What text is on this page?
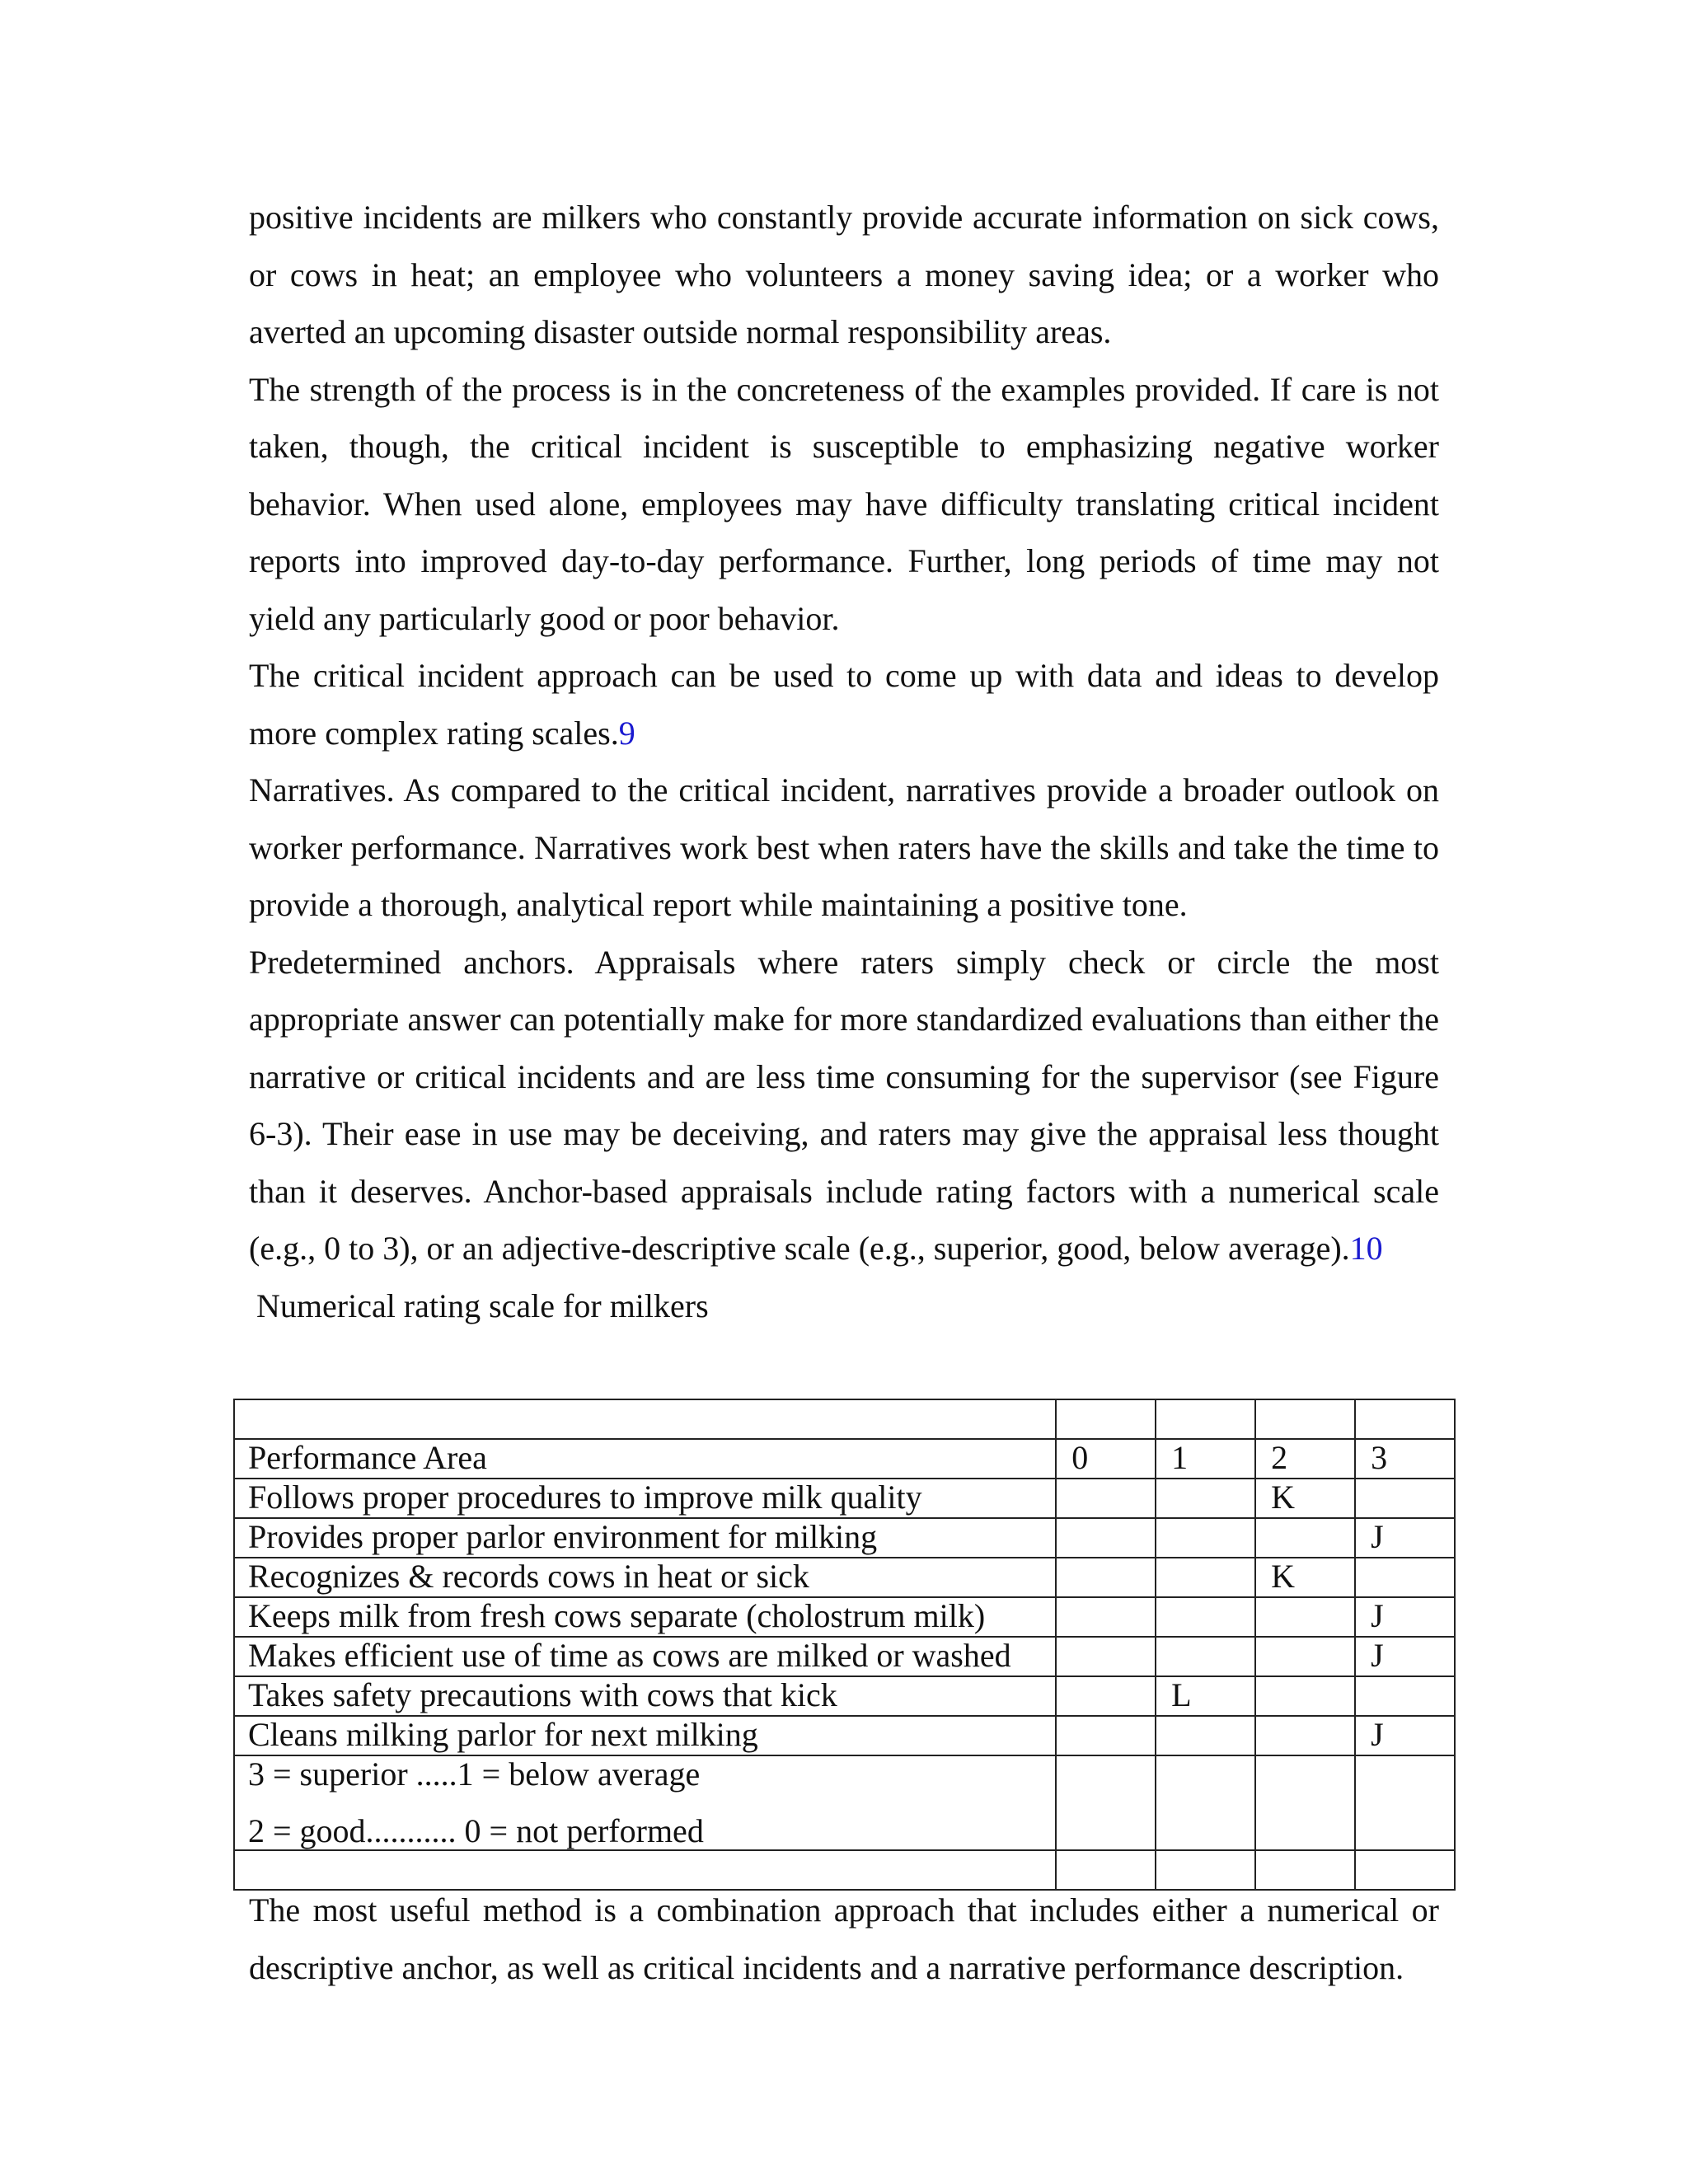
positive incidents are milkers who constantly provide accurate information on sick cows, or cows in heat; an employee who volunteers a money saving idea; or a worker who averted an upcoming disaster outside normal responsibility areas.

The strength of the process is in the concreteness of the examples provided. If care is not taken, though, the critical incident is susceptible to emphasizing negative worker behavior. When used alone, employees may have difficulty translating critical incident reports into improved day-to-day performance. Further, long periods of time may not yield any particularly good or poor behavior.

The critical incident approach can be used to come up with data and ideas to develop more complex rating scales.9

Narratives. As compared to the critical incident, narratives provide a broader outlook on worker performance. Narratives work best when raters have the skills and take the time to provide a thorough, analytical report while maintaining a positive tone.

Predetermined anchors. Appraisals where raters simply check or circle the most appropriate answer can potentially make for more standardized evaluations than either the narrative or critical incidents and are less time consuming for the supervisor (see Figure 6-3). Their ease in use may be deceiving, and raters may give the appraisal less thought than it deserves. Anchor-based appraisals include rating factors with a numerical scale (e.g., 0 to 3), or an adjective-descriptive scale (e.g., superior, good, below average).10

Numerical rating scale for milkers

Performance Area	0	1	2	3
Follows proper procedures to improve milk quality			K	
Provides proper parlor environment for milking				J
Recognizes & records cows in heat or sick			K	
Keeps milk from fresh cows separate (cholostrum milk)				J
Makes efficient use of time as cows are milked or washed				J
Takes safety precautions with cows that kick		L		
Cleans milking parlor for next milking				J

3 = superior .....1 = below average
2 = good........... 0 = not performed				

The most useful method is a combination approach that includes either a numerical or descriptive anchor, as well as critical incidents and a narrative performance description.
